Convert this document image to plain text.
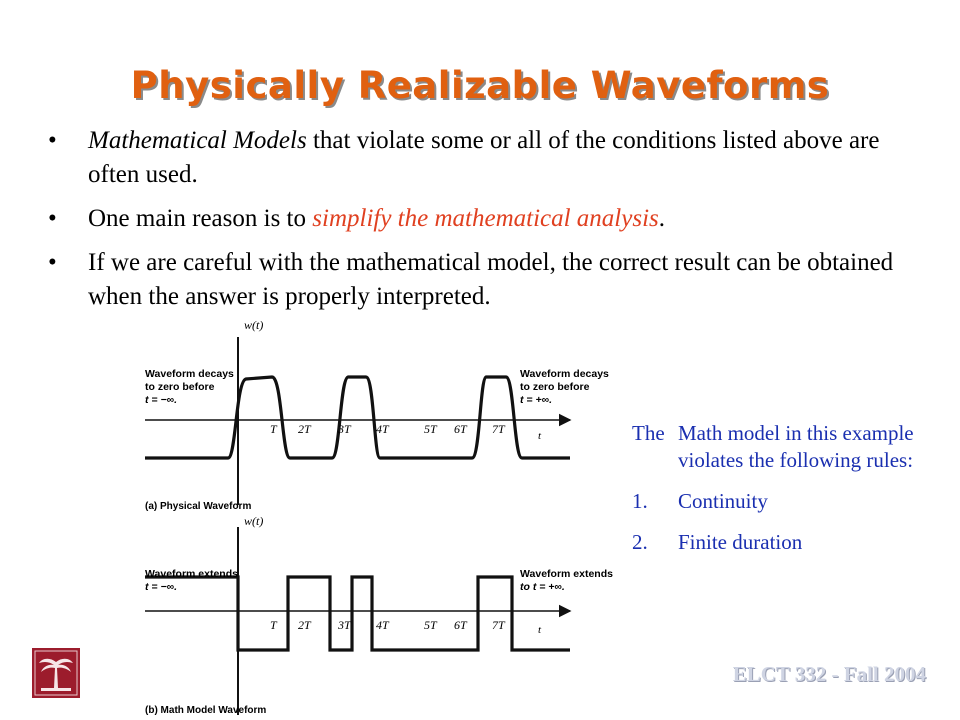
Physically Realizable Waveforms
• Mathematical Models that violate some or all of the conditions listed above are often used.
• One main reason is to simplify the mathematical analysis.
• If we are careful with the mathematical model, the correct result can be obtained when the answer is properly interpreted.
w(t)
Waveform decays
to zero before
t = −∞.
Waveform decays
to zero before
t = +∞.
T 2T 3T 4T	5T 6T 7T	t
(a) Physical Waveform
w(t)
Waveform extends
t = −∞.
Waveform extends
to t = +∞.
T 2T 3T 4T	5T 6T 7T	t
(b) Math Model Waveform
The Math model in this example violates the following rules:
1.	Continuity
2.	Finite duration
ELCT 332 - Fall 2004
